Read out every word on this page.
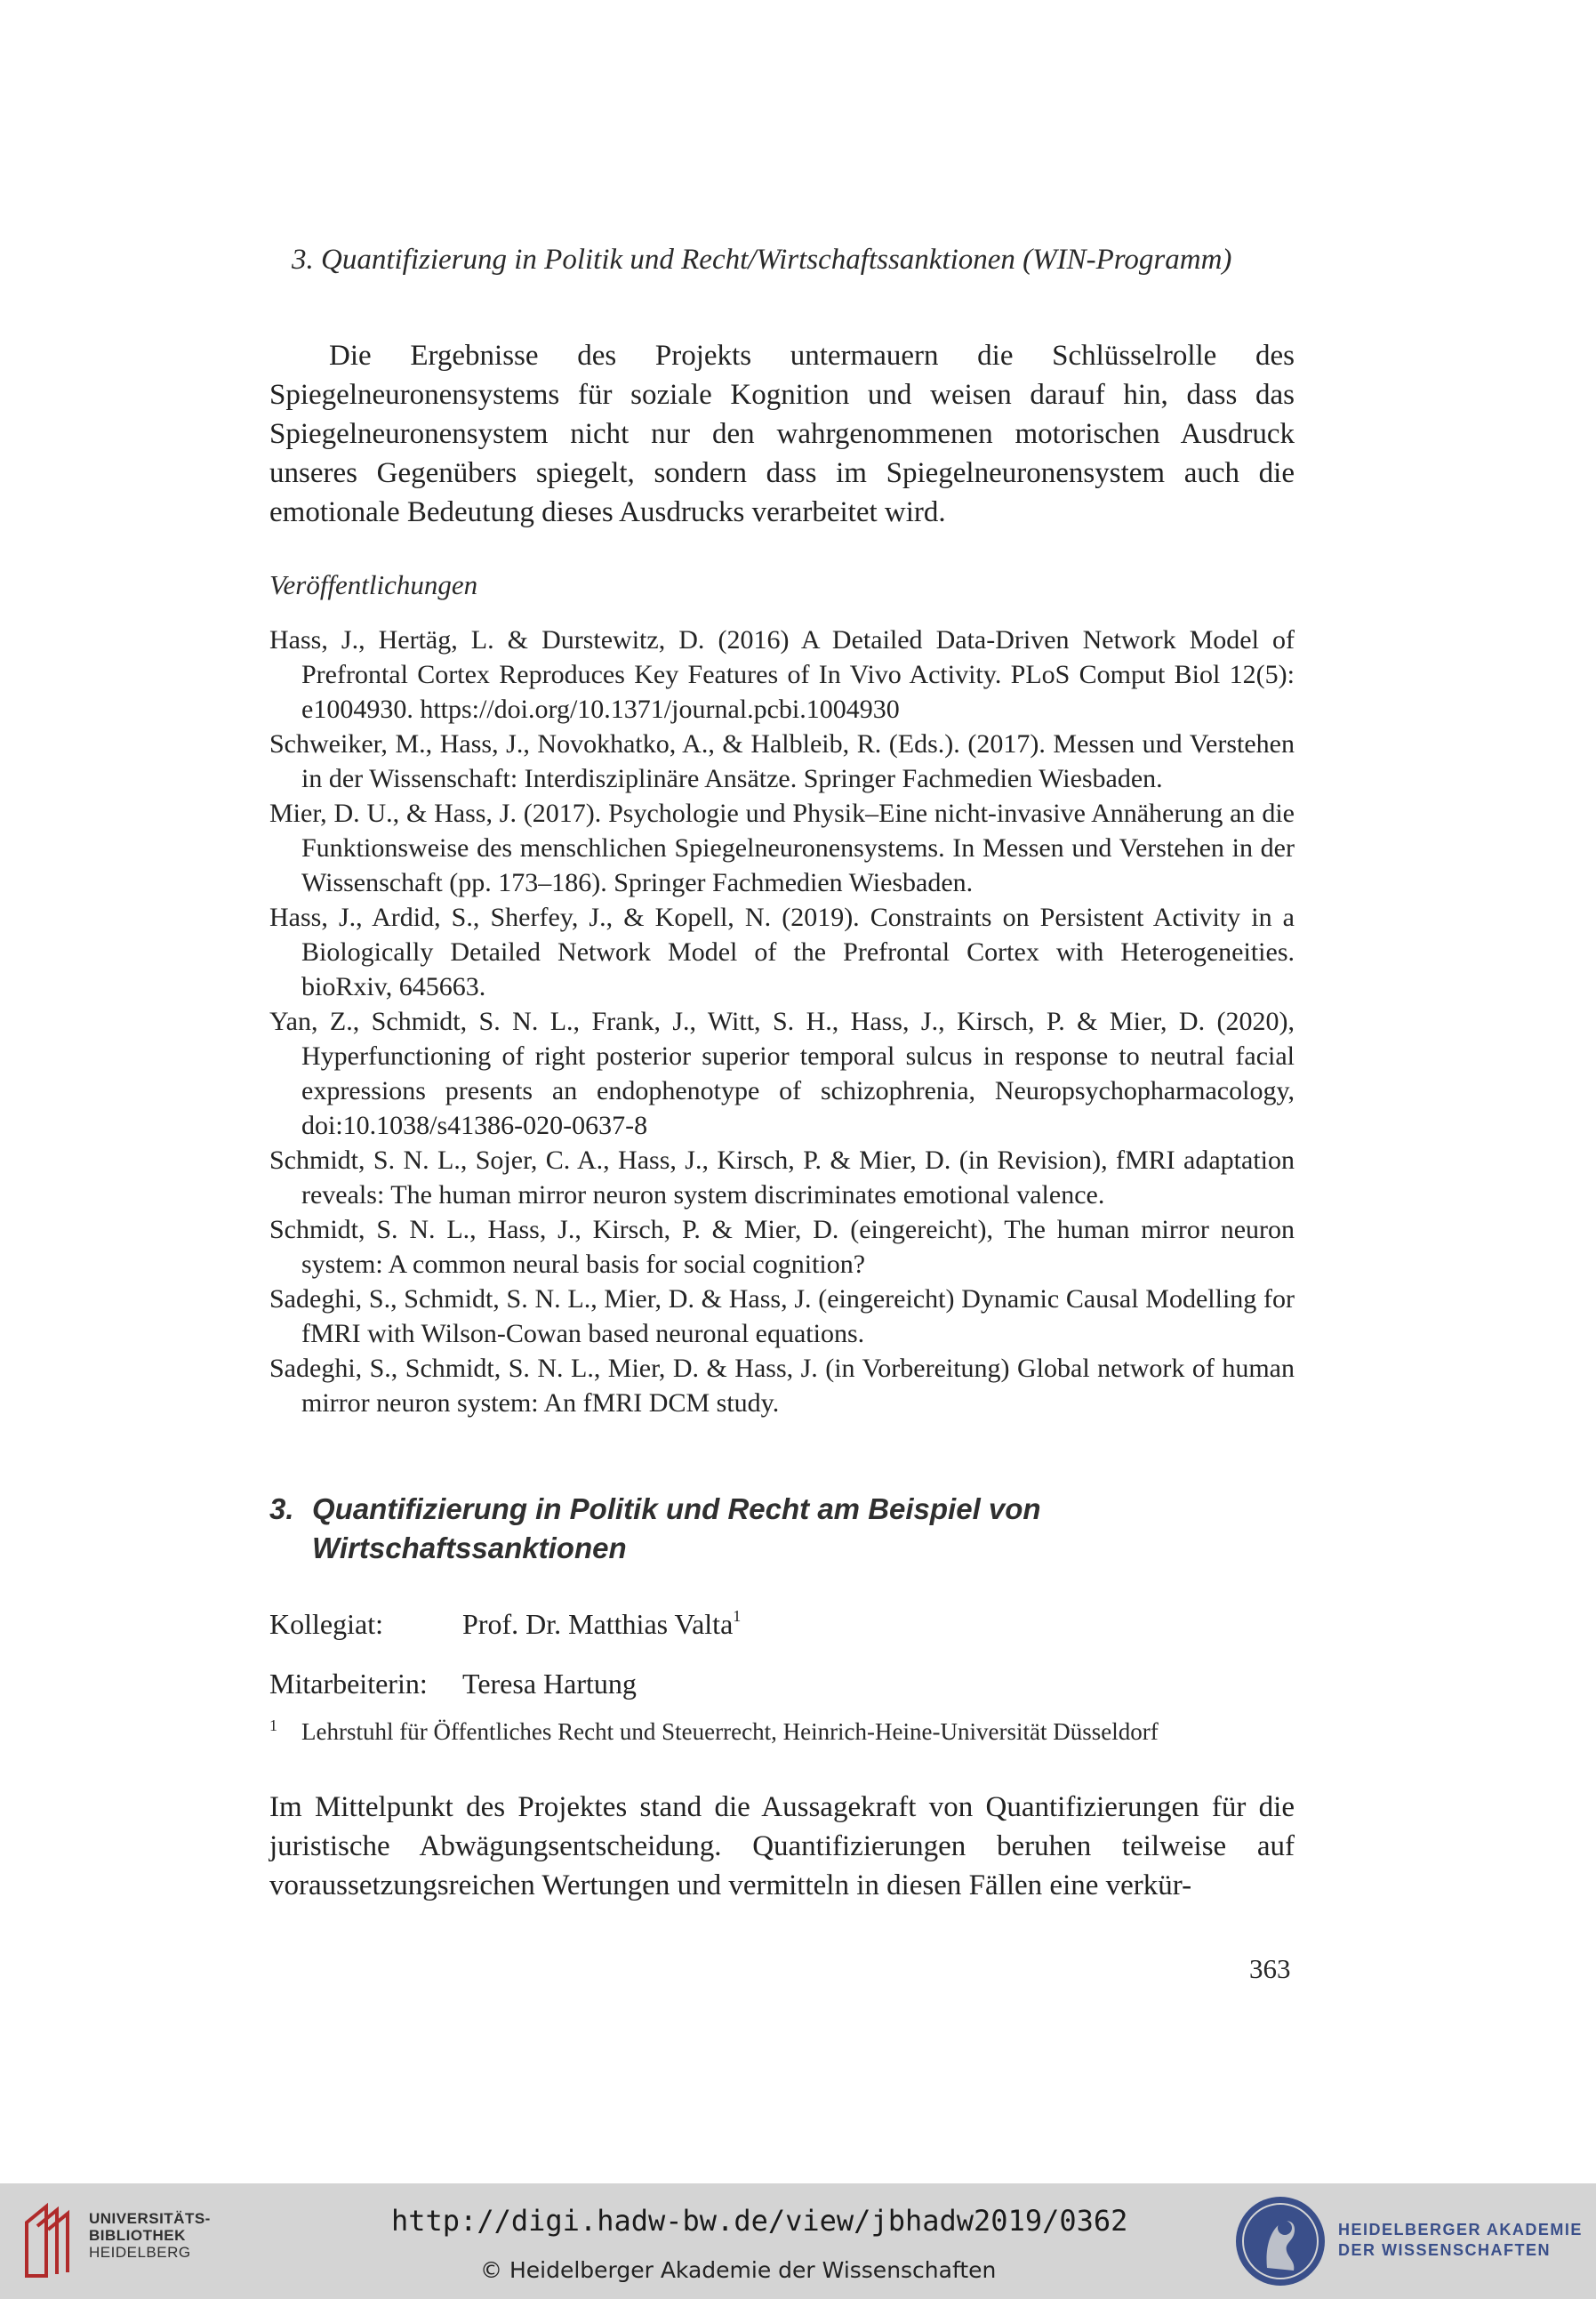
3. Quantifizierung in Politik und Recht/Wirtschaftssanktionen (WIN-Programm)

Die Ergebnisse des Projekts untermauern die Schlüsselrolle des Spiegelneuronensystems für soziale Kognition und weisen darauf hin, dass das Spiegelneuronensystem nicht nur den wahrgenommenen motorischen Ausdruck unseres Gegenübers spiegelt, sondern dass im Spiegelneuronensystem auch die emotionale Bedeutung dieses Ausdrucks verarbeitet wird.

Veröffentlichungen

Hass, J., Hertäg, L. & Durstewitz, D. (2016) A Detailed Data-Driven Network Model of Prefrontal Cortex Reproduces Key Features of In Vivo Activity. PLoS Comput Biol 12(5): e1004930. https://doi.org/10.1371/journal.pcbi.1004930

Schweiker, M., Hass, J., Novokhatko, A., & Halbleib, R. (Eds.). (2017). Messen und Verstehen in der Wissenschaft: Interdisziplinäre Ansätze. Springer Fachmedien Wiesbaden.

Mier, D. U., & Hass, J. (2017). Psychologie und Physik–Eine nicht-invasive Annäherung an die Funktionsweise des menschlichen Spiegelneuronensystems. In Messen und Verstehen in der Wissenschaft (pp. 173–186). Springer Fachmedien Wiesbaden.

Hass, J., Ardid, S., Sherfey, J., & Kopell, N. (2019). Constraints on Persistent Activity in a Biologically Detailed Network Model of the Prefrontal Cortex with Heterogeneities. bioRxiv, 645663.

Yan, Z., Schmidt, S. N. L., Frank, J., Witt, S. H., Hass, J., Kirsch, P. & Mier, D. (2020), Hyperfunctioning of right posterior superior temporal sulcus in response to neutral facial expressions presents an endophenotype of schizophrenia, Neuropsychopharmacology, doi:10.1038/s41386-020-0637-8

Schmidt, S. N. L., Sojer, C. A., Hass, J., Kirsch, P. & Mier, D. (in Revision), fMRI adaptation reveals: The human mirror neuron system discriminates emotional valence.

Schmidt, S. N. L., Hass, J., Kirsch, P. & Mier, D. (eingereicht), The human mirror neuron system: A common neural basis for social cognition?

Sadeghi, S., Schmidt, S. N. L., Mier, D. & Hass, J. (eingereicht) Dynamic Causal Modelling for fMRI with Wilson-Cowan based neuronal equations.

Sadeghi, S., Schmidt, S. N. L., Mier, D. & Hass, J. (in Vorbereitung) Global network of human mirror neuron system: An fMRI DCM study.

3. Quantifizierung in Politik und Recht am Beispiel von
Wirtschaftssanktionen
Kollegiat:	Prof. Dr. Matthias Valta$^1$
Mitarbeiterin: Teresa Hartung
1 Lehrstuhl für Öffentliches Recht und Steuerrecht, Heinrich-Heine-Universität Düsseldorf

Im Mittelpunkt des Projektes stand die Aussagekraft von Quantifizierungen für die juristische Abwägungsentscheidung. Quantifizierungen beruhen teilweise auf voraussetzungsreichen Wertungen und vermitteln in diesen Fällen eine verkür-

363
UNIVERSITÄTS-
BIBLIOTHEK
HEIDELBERG
http://digi.hadw-bw.de/view/jbhadw2019/0362
© Heidelberger Akademie der Wissenschaften
HEIDELBERGER AKADEMIE
DER WISSENSCHAFTEN
